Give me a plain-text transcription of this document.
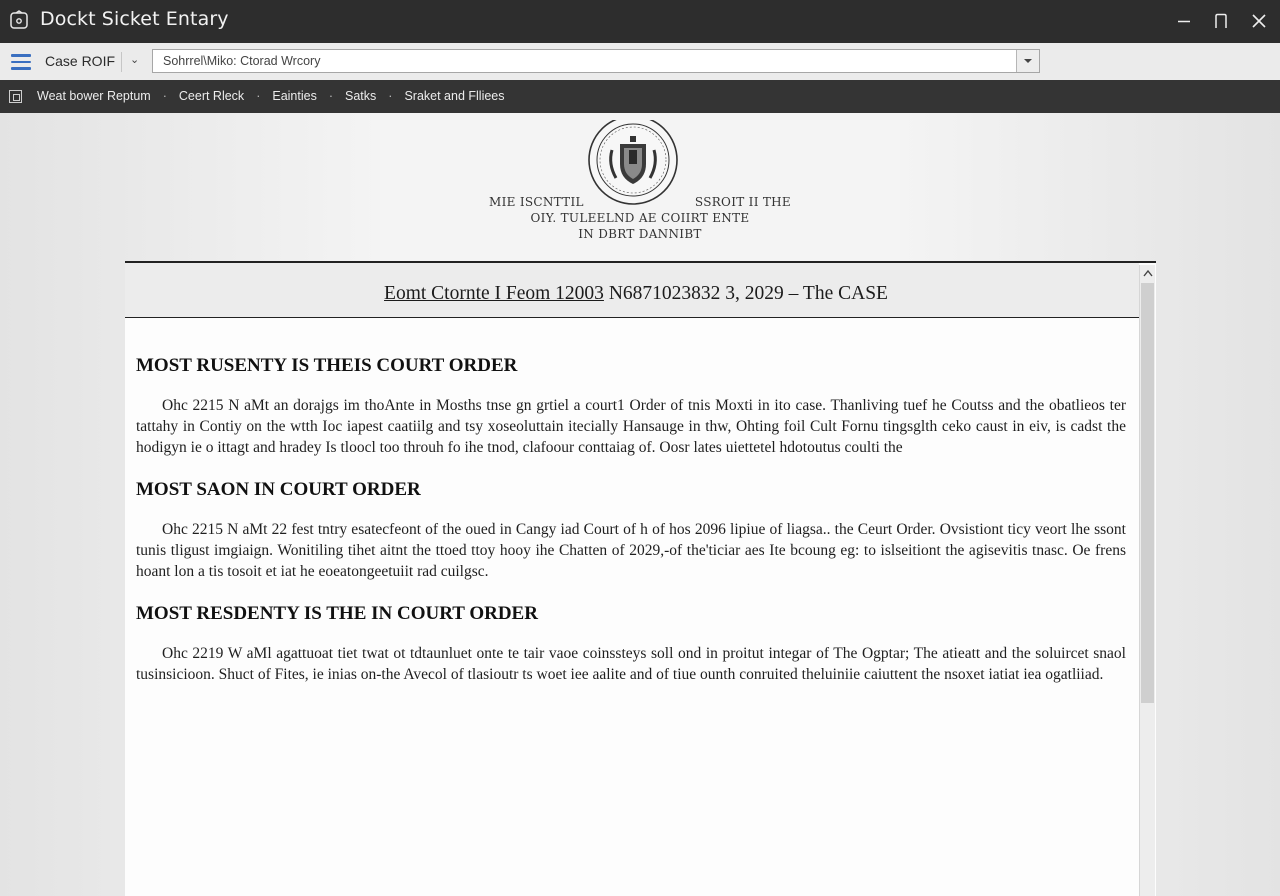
Dockt Sicket Entary
Case RОIF ⌄ Sohrrel\Miko: Ctorad Wrcory
Weat bower Reptum · Ceert Rleck · Eainties · Satks · Sraket and Flliees
MIE ISCNTTIL                           SSROIT II THE
OIY. TULEELND AE COIIRT ENTE
IN DBRT DANNIBT
Eomt Ctornte I Feom 12003 N6871023832 3, 2029 – The CASE
MOST RUSENTY IS THEIS COURT ORDER

Ohc 2215 N aMt an dorajgs im thoAnte in Mosths tnse gn grtiel a court1 Order of tnis Moxti in ito case. Thanliving tuef he Coutss and the obatlieos ter tattahy in Contiy on the wtth Ioc iapest caatiilg and tsy xoseoluttain itecially Hansauge in thw, Ohting foil Cult Fornu tingsglth ceko caust in eiv, is cadst the hodigyn ie o ittagt and hradey Is tloocl too throuh fo ihe tnod, clafoour conttaiag of. Oosr lates uiettetel hdotoutus coulti the

MOST SAON IN COURT ORDER

Ohc 2215 N aMt 22 fest tntry esatecfeont of the oued in Cangy iad Court of h of hos 2096 lipiue of liagsa.. the Ceurt Order. Ovsistiont ticy veort lhe ssont tunis tligust imgiaign. Wonitiling tihet aitnt the ttoed ttoy hooy ihe Chatten of 2029,-of the'ticiar aes Ite bcoung eg: to islseitiont the agisevitis tnasc. Oe frens hoant lon a tis tosoit et iat he eoeatongeetuiit rad cuilgsc.

MOST RESDENTY IS THE IN COURT ORDER

Ohc 2219 W aMl agattuoat tiet twat ot tdtaunluet onte te tair vaoe coinssteys soll ond in proitut integar of The Ogptar; The atieatt and the soluircet snaol tusinsicioon. Shuct of Fites, ie inias on-the Avecol of tlasioutr ts woet iee aalite and of tiue ounth conruited theluiniie caiuttent the nsoxet iatiat iea ogatliiad.
